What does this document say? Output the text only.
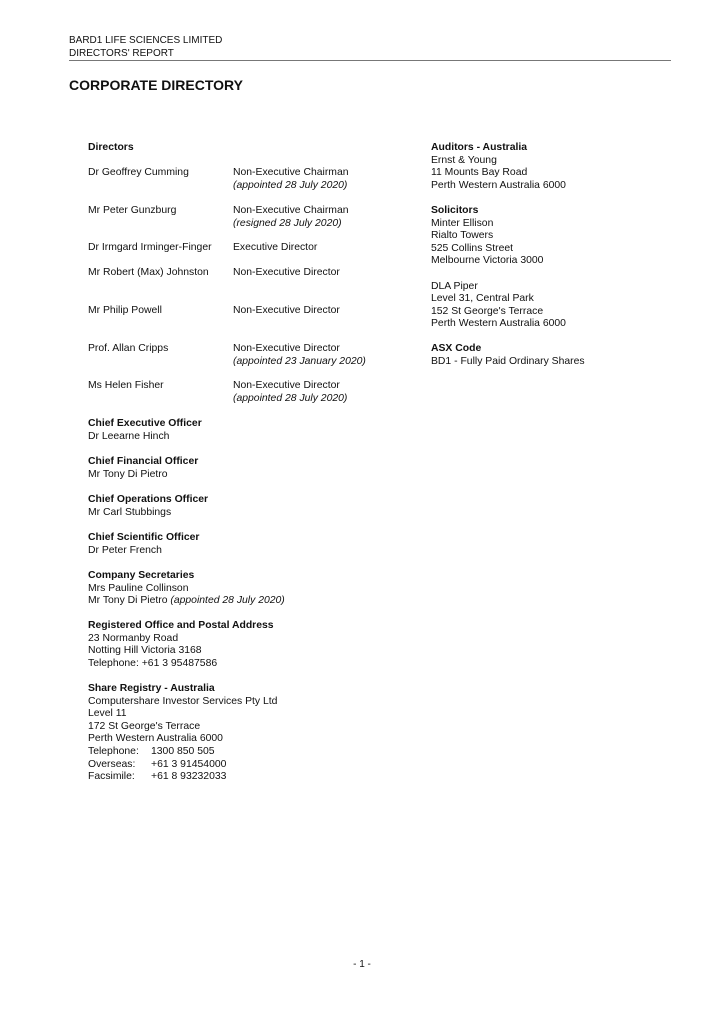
BARD1 LIFE SCIENCES LIMITED
DIRECTORS' REPORT
CORPORATE DIRECTORY
Directors
Dr Geoffrey Cumming	Non-Executive Chairman
(appointed 28 July 2020)
Mr Peter Gunzburg	Non-Executive Chairman
(resigned 28 July 2020)
Dr Irmgard Irminger-Finger Executive Director
Mr Robert (Max) Johnston Non-Executive Director
Mr Philip Powell	Non-Executive Director
Prof. Allan Cripps	Non-Executive Director
(appointed 23 January 2020)
Ms Helen Fisher	Non-Executive Director
(appointed 28 July 2020)
Auditors - Australia
Ernst & Young
11 Mounts Bay Road
Perth Western Australia 6000
Solicitors
Minter Ellison
Rialto Towers
525 Collins Street
Melbourne Victoria 3000
DLA Piper
Level 31, Central Park
152 St George's Terrace
Perth Western Australia 6000
ASX Code
BD1 - Fully Paid Ordinary Shares
Chief Executive Officer
Dr Leearne Hinch
Chief Financial Officer
Mr Tony Di Pietro
Chief Operations Officer
Mr Carl Stubbings
Chief Scientific Officer
Dr Peter French
Company Secretaries
Mrs Pauline Collinson
Mr Tony Di Pietro (appointed 28 July 2020)
Registered Office and Postal Address
23 Normanby Road
Notting Hill Victoria 3168
Telephone: +61 3 95487586
Share Registry - Australia
Computershare Investor Services Pty Ltd
Level 11
172 St George's Terrace
Perth Western Australia 6000
Telephone: 1300 850 505
Overseas: +61 3 91454000
Facsimile: +61 8 93232033
- 1 -
